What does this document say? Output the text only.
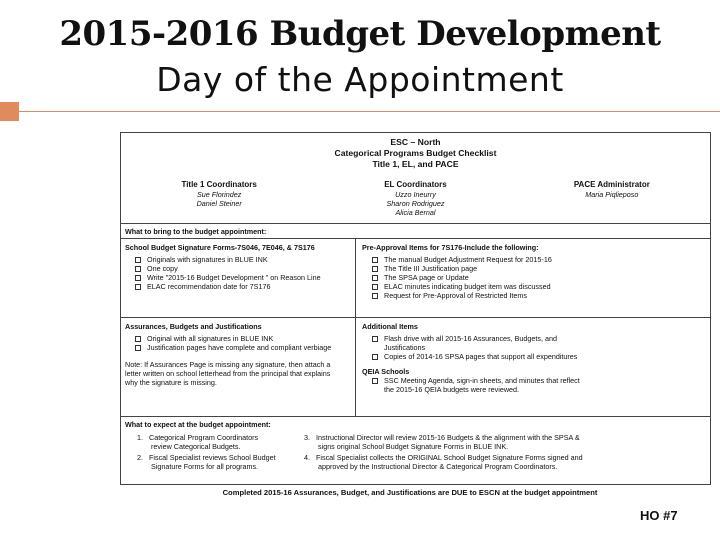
2015-2016 Budget Development
Day of the Appointment
ESC – North
Categorical Programs Budget Checklist
Title 1, EL, and PACE
Title 1 Coordinators
Sue Florindez
Daniel Steiner
EL Coordinators
Uzzo Ineurry
Sharon Rodriguez
Alicia Bernal
PACE Administrator
Maria Piqlieposo
What to bring to the budget appointment:
School Budget Signature Forms-7S046, 7E046, & 7S176
Originals with signatures in BLUE INK
One copy
Write "2015-16 Budget Development " on Reason Line
ELAC recommendation date for 7S176
Pre-Approval Items for 7S176-Include the following:
The manual Budget Adjustment Request for 2015-16
The Title III Justification page
The SPSA page or Update
ELAC minutes indicating budget item was discussed
Request for Pre-Approval of Restricted Items
Assurances, Budgets and Justifications
Original with all signatures in BLUE INK
Justification pages have complete and compliant verbiage
Note: If Assurances Page is missing any signature, then attach a
letter written on school letterhead from the principal that explains
why the signature is missing.
Additional Items
Flash drive with all 2015-16 Assurances, Budgets, and
Justifications
Copies of 2014-16 SPSA pages that support all expenditures
QEIA Schools
SSC Meeting Agenda, sign-in sheets, and minutes that reflect
the 2015-16 QEIA budgets were reviewed.
What to expect at the budget appointment:
1. Categorical Program Coordinators
review Categorical Budgets.
2. Fiscal Specialist reviews School Budget
Signature Forms for all programs.
3. Instructional Director will review 2015-16 Budgets & the alignment with the SPSA &
signs original School Budget Signature Forms in BLUE INK.
4. Fiscal Specialist collects the ORIGINAL School Budget Signature Forms signed and
approved by the Instructional Director & Categorical Program Coordinators.
Completed 2015-16 Assurances, Budget, and Justifications are DUE to ESCN at the budget appointment
HO #7
